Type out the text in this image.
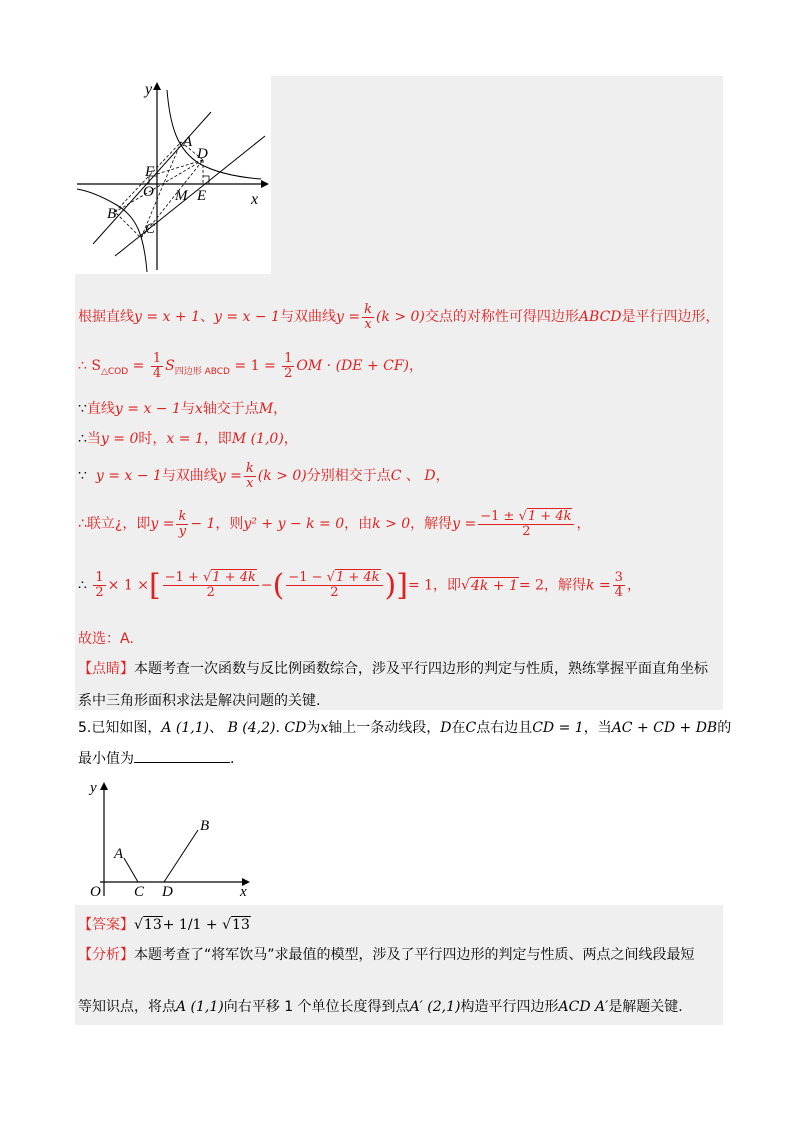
y
x
A
D
F
O M E
B
C
根据直线y = x + 1、y = x − 1与双曲线$y = \frac{k}{x} (k > 0)$交点的对称性可得四边形ABCD是平行四边形，
∴ $S_{\triangle COD} = \frac{1}{4} S_{四边形 ABCD} = 1 = \frac{1}{2}$ OM · (DE + CF)，
∵直线y = x − 1与x轴交于点M，
∴当y = 0时，x = 1，即M (1,0)，
∵ y = x − 1与双曲线$y = \frac{k}{x} (k > 0)$分别相交于点C 、 D，
∴联立¿，即$y = \frac{k}{y} - 1$，则y² + y − k = 0，由k > 0，解得$y = \frac{-1 \pm √1 + 4k}{2}$ ，
∴ $\frac{1}{2} \times 1$ ×[ $\frac{-1 + √1 + 4k}{2}$ −( $\frac{-1 - √1 + 4k}{2}$ )]= 1，即√4k + 1= 2，解得$k = \frac{3}{4}$ ，
故选：A.
【点睛】本题考查一次函数与反比例函数综合，涉及平行四边形的判定与性质，熟练掌握平面直角坐标
系中三角形面积求法是解决问题的关键.
5.已知如图，A (1,1)、 B (4,2). CD为x轴上一条动线段，D在C点右边且CD = 1，当AC + CD + DB的
最小值为	.
y
x
O
A
B
C D
【答案】√13+ 1/1 + √13
【分析】本题考查了“将军饮马”求最值的模型，涉及了平行四边形的判定与性质、两点之间线段最短
等知识点，将点A (1,1)向右平移 1 个单位长度得到点A′ (2,1)构造平行四边形ACD A′是解题关键.
